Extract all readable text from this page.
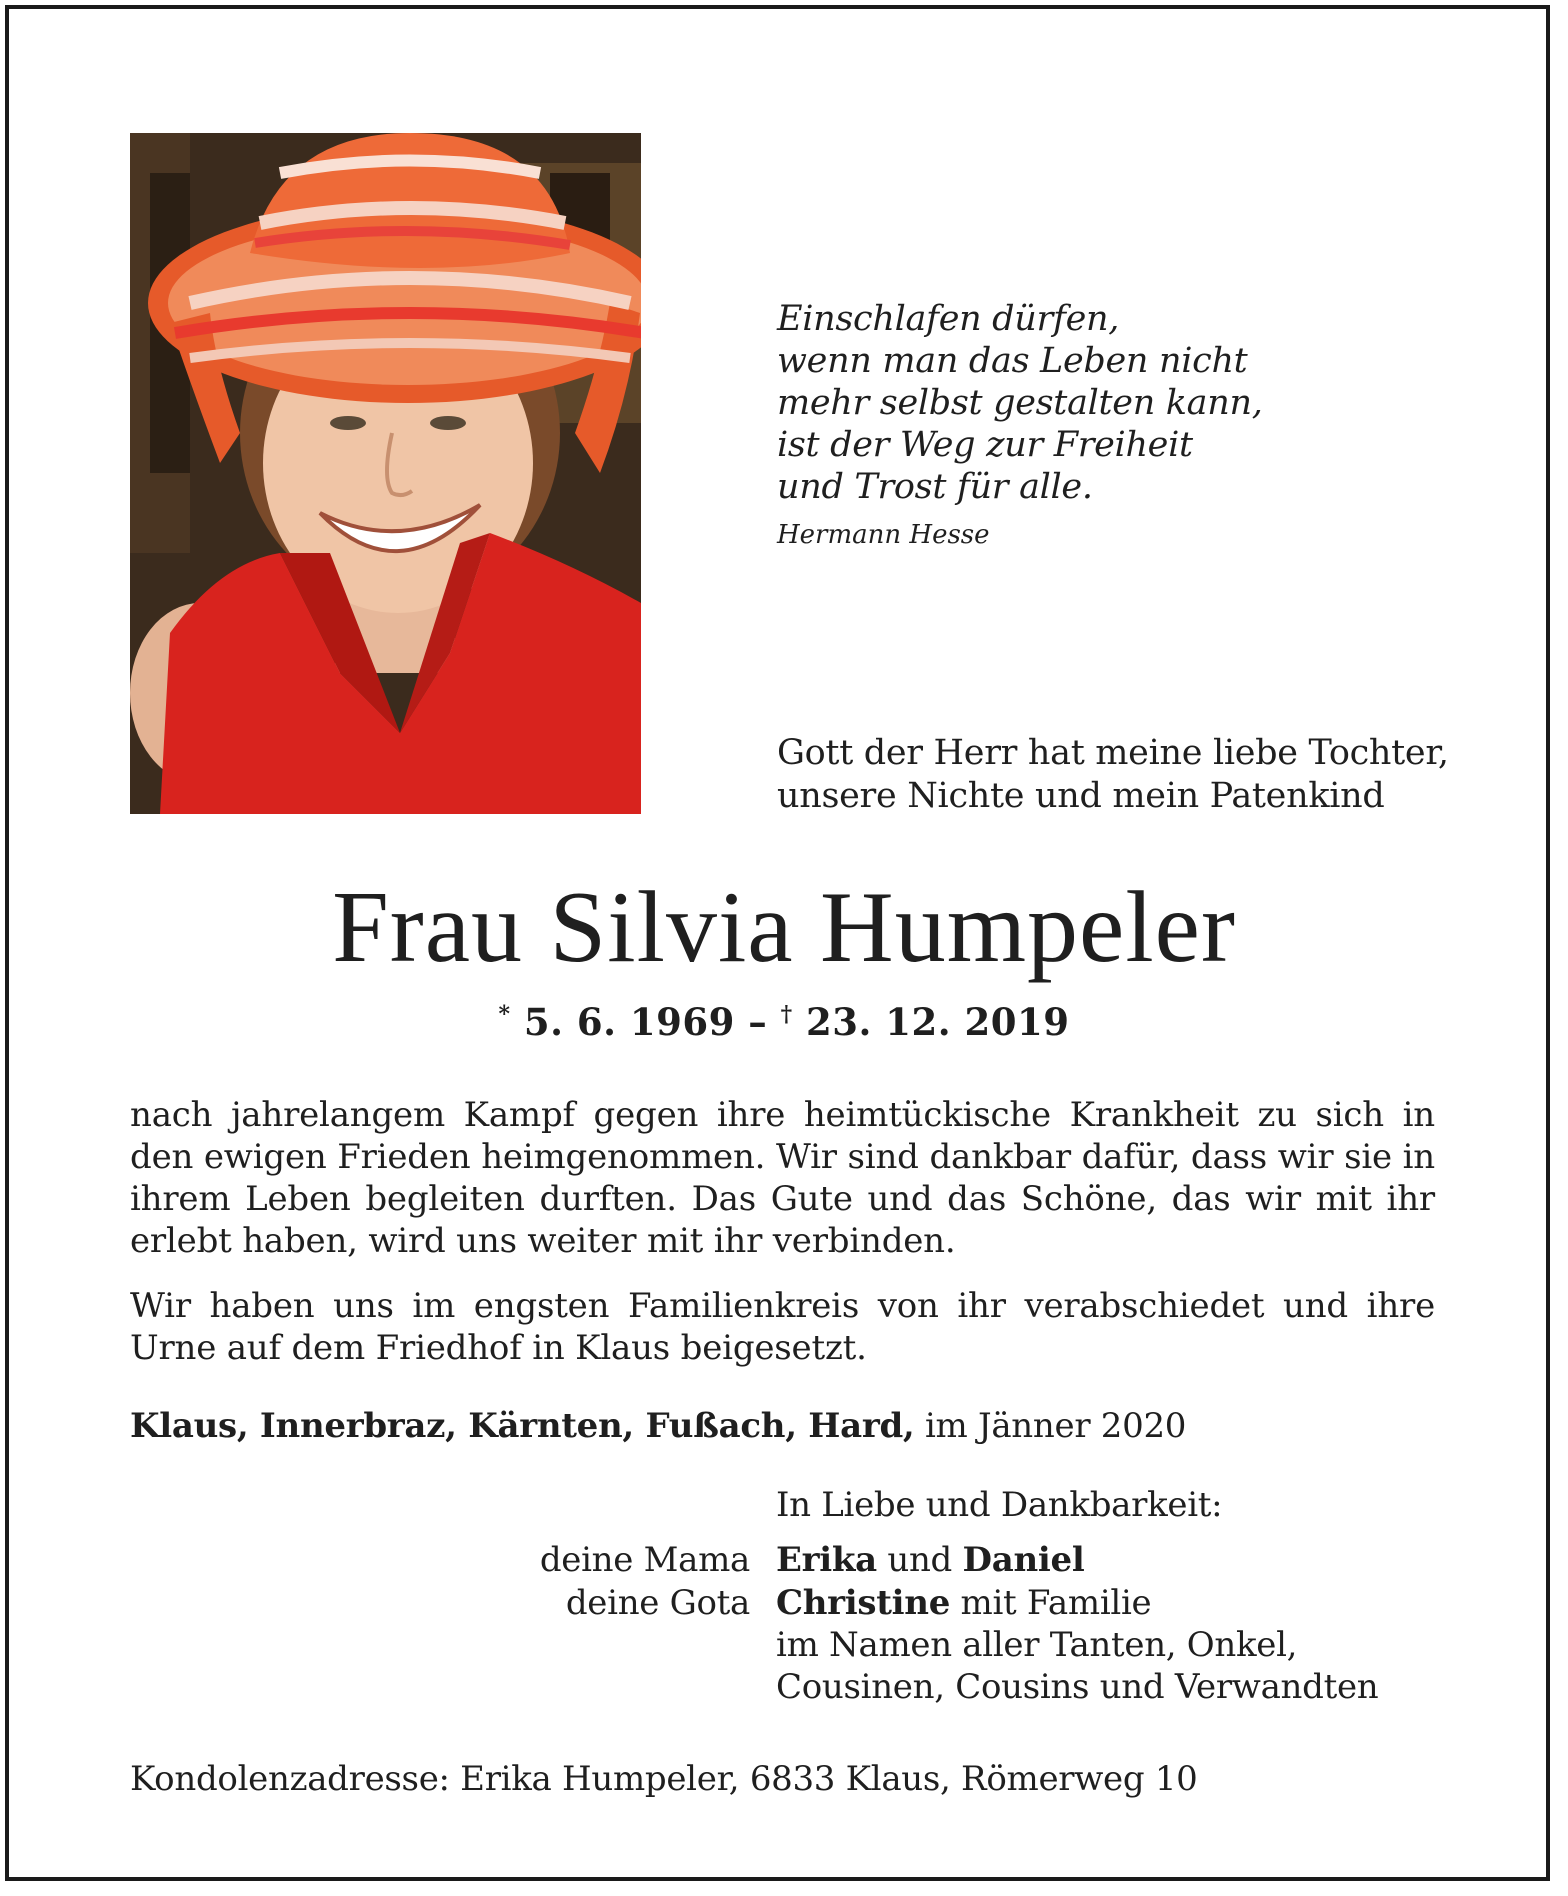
Einschlafen dürfen,
wenn man das Leben nicht
mehr selbst gestalten kann,
ist der Weg zur Freiheit
und Trost für alle.
Hermann Hesse
Gott der Herr hat meine liebe Tochter,
unsere Nichte und mein Patenkind
Frau Silvia Humpeler
* 5. 6. 1969 – † 23. 12. 2019
nach jahrelangem Kampf gegen ihre heimtückische Krankheit zu sich in den ewigen Frieden heimgenommen. Wir sind dankbar dafür, dass wir sie in ihrem Leben begleiten durften. Das Gute und das Schöne, das wir mit ihr erlebt haben, wird uns weiter mit ihr verbinden.
Wir haben uns im engsten Familienkreis von ihr verabschiedet und ihre Urne auf dem Friedhof in Klaus beigesetzt.
Klaus, Innerbraz, Kärnten, Fußach, Hard, im Jänner 2020
In Liebe und Dankbarkeit:
deine Mama Erika und Daniel
deine Gota Christine mit Familie
im Namen aller Tanten, Onkel,
Cousinen, Cousins und Verwandten
Kondolenzadresse: Erika Humpeler, 6833 Klaus, Römerweg 10
